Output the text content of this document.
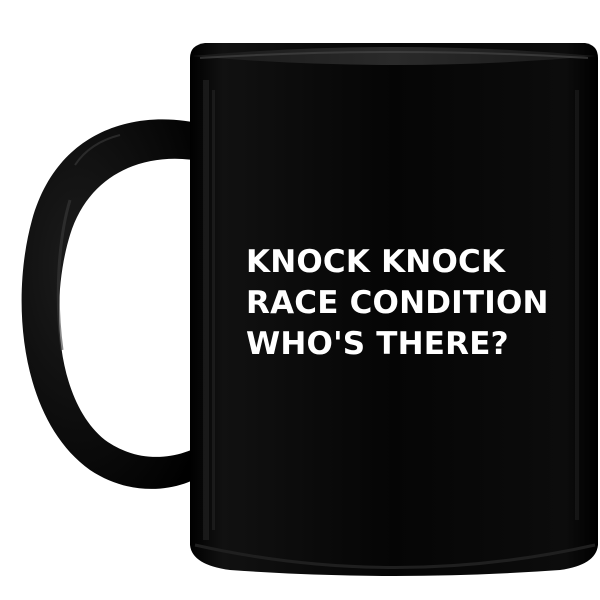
KNOCK KNOCK
RACE CONDITION
WHO'S THERE?
